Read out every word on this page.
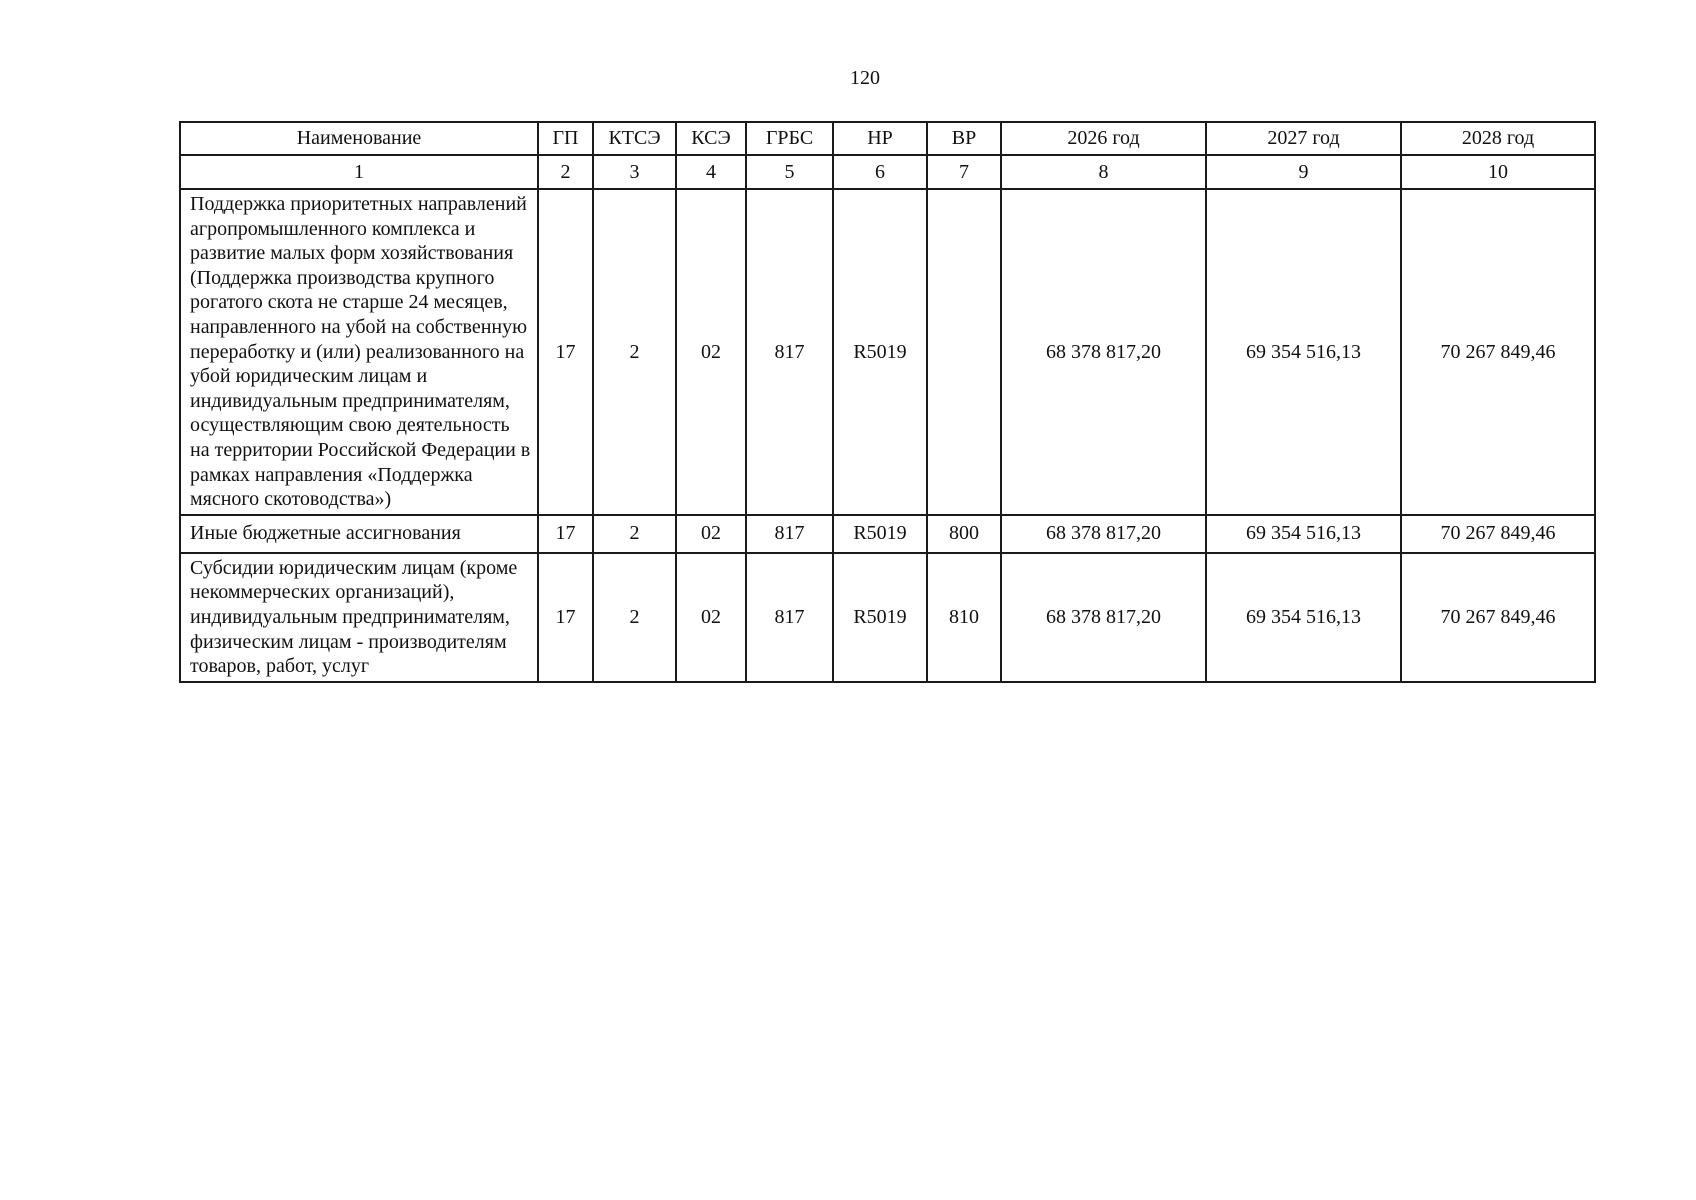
120
Наименование	ГП	КТСЭ	КСЭ	ГРБС	НР	ВР	2026 год	2027 год	2028 год
1	2	3	4	5	6	7	8	9	10
Поддержка приоритетных направлений агропромышленного комплекса и развитие малых форм хозяйствования (Поддержка производства крупного рогатого скота не старше 24 месяцев, направленного на убой на собственную переработку и (или) реализованного на убой юридическим лицам и индивидуальным предпринимателям, осуществляющим свою деятельность на территории Российской Федерации в рамках направления «Поддержка мясного скотоводства»)	17	2	02	817	R5019		68 378 817,20	69 354 516,13	70 267 849,46
Иные бюджетные ассигнования	17	2	02	817	R5019	800	68 378 817,20	69 354 516,13	70 267 849,46
Субсидии юридическим лицам (кроме некоммерческих организаций), индивидуальным предпринимателям, физическим лицам - производителям товаров, работ, услуг	17	2	02	817	R5019	810	68 378 817,20	69 354 516,13	70 267 849,46
